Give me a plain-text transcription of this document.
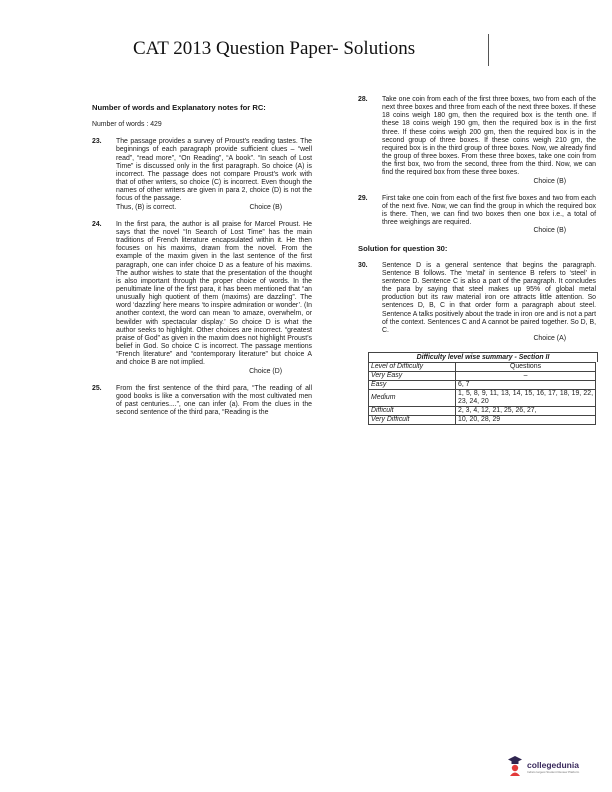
CAT 2013 Question Paper- Solutions
Number of words and Explanatory notes for RC:
Number of words : 429
23. The passage provides a survey of Proust’s reading tastes. The beginnings of each paragraph provide sufficient clues – “well read”, “read more”, “On Reading”, “A book”. “In seach of Lost Time” is discussed only in the first paragraph. So choice (A) is incorrect. The passage does not compare Proust’s work with that of other writers, so choice (C) is incorrect. Even though the names of other writers are given in para 2, choice (D) is not the focus of the passage.
Choice (B)
Thus, (B) is correct.
24. In the first para, the author is all praise for Marcel Proust. He says that the novel “In Search of Lost Time” has the main traditions of French literature encapsulated within it. He then focuses on his maxims, drawn from the novel. From the example of the maxim given in the last sentence of the first paragraph, one can infer choice D as a feature of his maxims. The author wishes to state that the presentation of the thought is also important through the proper choice of words. In the penultimate line of the first para, it has been mentioned that “an unusually high quotient of them (maxims) are dazzling”. The word ‘dazzling’ here means ‘to inspire admiration or wonder’. (In another context, the word can mean ‘to amaze, overwhelm, or bewilder with spectacular display.’ So choice D is what the author seeks to highlight. Other choices are incorrect. “greatest praise of God” as given in the maxim does not highlight Proust’s belief in God. So choice C is incorrect. The passage mentions “French literature” and “contemporary literature” but choice A and choice B are not implied.
Choice (D)
25. From the first sentence of the third para, “The reading of all good books is like a conversation with the most cultivated men of past centuries....”, one can infer (a). From the clues in the second sentence of the third para, “Reading is the
28. Take one coin from each of the first three boxes, two from each of the next three boxes and three from each of the next three boxes. If these 18 coins weigh 180 gm, then the required box is the tenth one. If these 18 coins weigh 190 gm, then the required box is in the first three. If these coins weigh 200 gm, then the required box is in the second group of three boxes. If these coins weigh 210 gm, the required box is in the third group of three boxes. Now, we already find the group of three boxes. From these three boxes, take one coin from the first box, two from the second, three from the third. Now, we can find the required box from these three boxes.
Choice (B)
29. First take one coin from each of the first five boxes and two from each of the next five. Now, we can find the group in which the required box is there. Then, we can find two boxes then one box i.e., a total of three weighings are required.
Choice (B)
Solution for question 30:
30. Sentence D is a general sentence that begins the paragraph. Sentence B follows. The ‘metal’ in sentence B refers to ‘steel’ in sentence D. Sentence C is also a part of the paragraph. It concludes the para by saying that steel makes up 95% of global metal production but its raw material iron ore attracts little attention. So sentences D, B, C in that order form a paragraph about steel. Sentence A talks positively about the trade in iron ore and is not a part of the context. Sentences C and A cannot be paired together. So D, B, C.
Choice (A)
Difficulty level wise summary - Section II
Level of Difficulty	Questions
Very Easy	–
Easy	6, 7
Medium	1, 5, 8, 9, 11, 13, 14, 15, 16, 17, 18, 19, 22, 23, 24, 20
Difficult	2, 3, 4, 12, 21, 25, 26, 27,
Very Difficult	10, 20, 28, 29
collegedunia
India’s largest Student Review Platform
